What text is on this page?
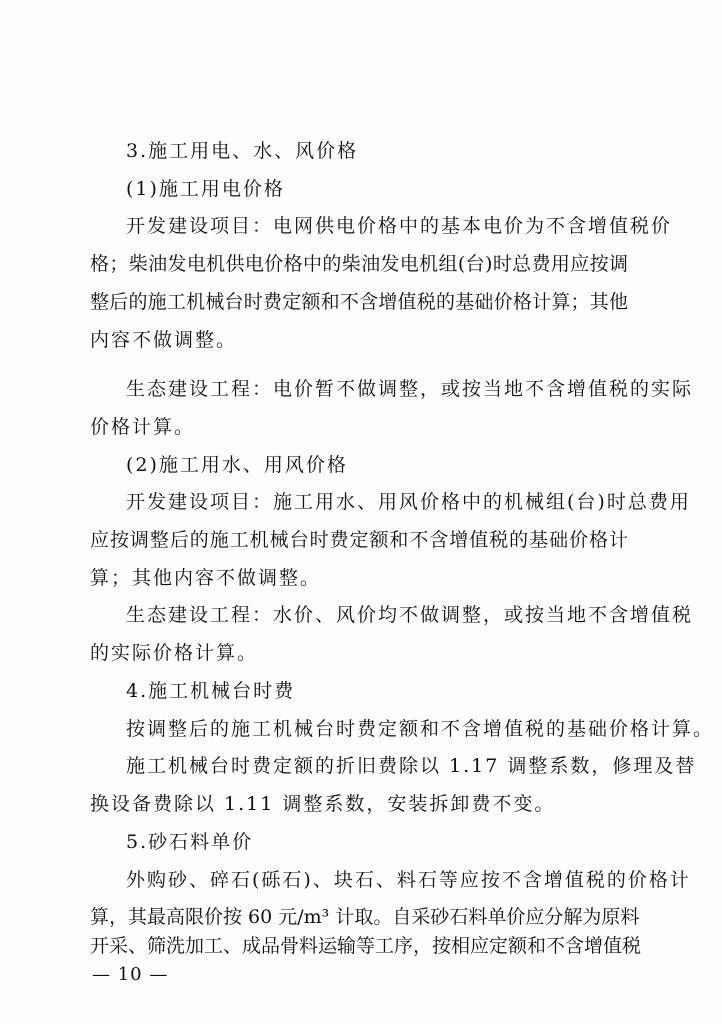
3.施工用电、水、风价格
(1)施工用电价格
开发建设项目：电网供电价格中的基本电价为不含增值税价
格；柴油发电机供电价格中的柴油发电机组(台)时总费用应按调
整后的施工机械台时费定额和不含增值税的基础价格计算；其他
内容不做调整。
生态建设工程：电价暂不做调整，或按当地不含增值税的实际
价格计算。
(2)施工用水、用风价格
开发建设项目：施工用水、用风价格中的机械组(台)时总费用
应按调整后的施工机械台时费定额和不含增值税的基础价格计
算；其他内容不做调整。
生态建设工程：水价、风价均不做调整，或按当地不含增值税
的实际价格计算。
4.施工机械台时费
按调整后的施工机械台时费定额和不含增值税的基础价格计算。
施工机械台时费定额的折旧费除以 1.17 调整系数，修理及替
换设备费除以 1.11 调整系数，安装拆卸费不变。
5.砂石料单价
外购砂、碎石(砾石)、块石、料石等应按不含增值税的价格计
算，其最高限价按 60 元/m³ 计取。自采砂石料单价应分解为原料
开采、筛洗加工、成品骨料运输等工序，按相应定额和不含增值税
— 10 —
